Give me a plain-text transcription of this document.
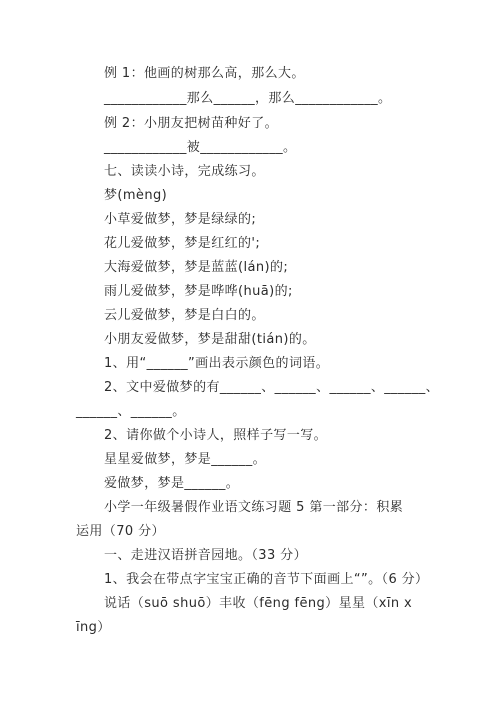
例 1：他画的树那么高，那么大。
____________那么______，那么____________。
例 2：小朋友把树苗种好了。
____________被____________。
七、读读小诗，完成练习。
梦(mèng)
小草爱做梦，梦是绿绿的;
花儿爱做梦，梦是红红的';
大海爱做梦，梦是蓝蓝(lán)的;
雨儿爱做梦，梦是哗哗(huā)的;
云儿爱做梦，梦是白白的。
小朋友爱做梦，梦是甜甜(tián)的。
1、用“______”画出表示颜色的词语。
2、文中爱做梦的有______、______、______、______、
______、______。
2、请你做个小诗人，照样子写一写。
星星爱做梦，梦是______。
爱做梦，梦是______。
小学一年级暑假作业语文练习题 5 第一部分：积累
运用（70 分）
一、走进汉语拼音园地。（33 分）
1、我会在带点字宝宝正确的音节下面画上“”。（6 分）
说话（suō shuō）丰收（fēng fēng）星星（xīn x
īng）
